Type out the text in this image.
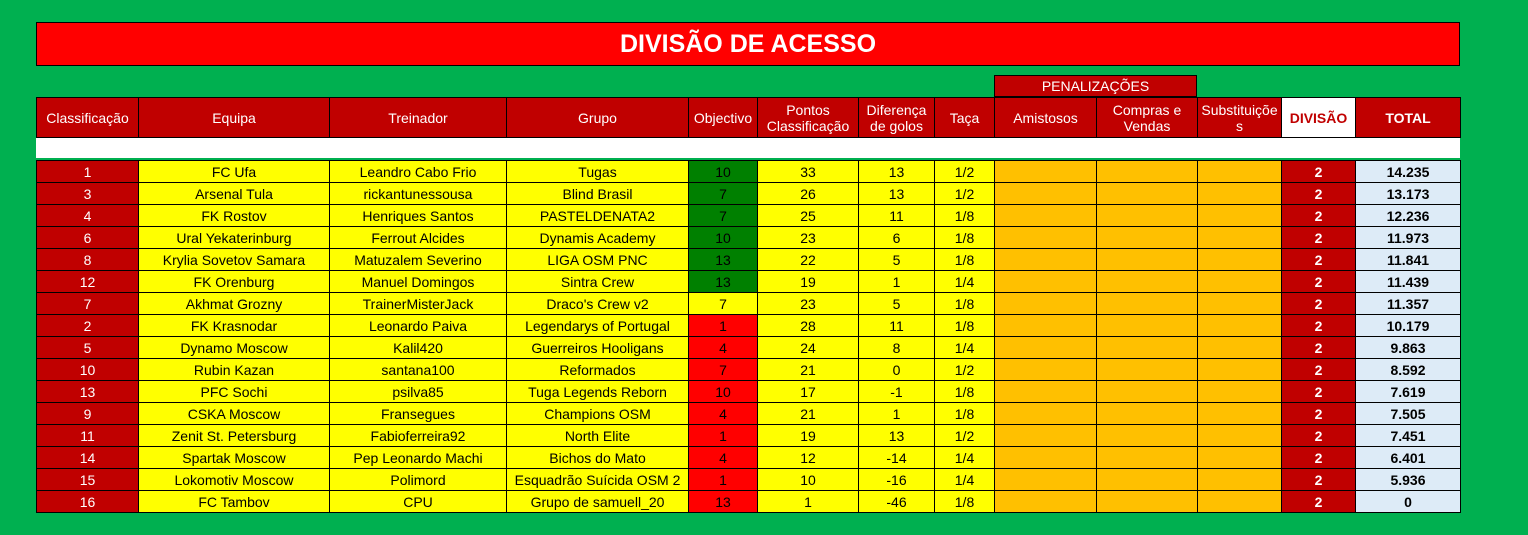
DIVISÃO DE ACESSO
PENALIZAÇÕES
Classificação	Equipa	Treinador	Grupo	Objectivo	Pontos Classificação	Diferença de golos	Taça	Amistosos	Compras e Vendas	Substituições	DIVISÃO	TOTAL
1	FC Ufa	Leandro Cabo Frio	Tugas	10	33	13	1/2				2	14.235
3	Arsenal Tula	rickantunessousa	Blind Brasil	7	26	13	1/2				2	13.173
4	FK Rostov	Henriques Santos	PASTELDENATA2	7	25	11	1/8				2	12.236
6	Ural Yekaterinburg	Ferrout Alcides	Dynamis Academy	10	23	6	1/8				2	11.973
8	Krylia Sovetov Samara	Matuzalem Severino	LIGA OSM PNC	13	22	5	1/8				2	11.841
12	FK Orenburg	Manuel Domingos	Sintra Crew	13	19	1	1/4				2	11.439
7	Akhmat Grozny	TrainerMisterJack	Draco's Crew v2	7	23	5	1/8				2	11.357
2	FK Krasnodar	Leonardo Paiva	Legendarys of Portugal	1	28	11	1/8				2	10.179
5	Dynamo Moscow	Kalil420	Guerreiros Hooligans	4	24	8	1/4				2	9.863
10	Rubin Kazan	santana100	Reformados	7	21	0	1/2				2	8.592
13	PFC Sochi	psilva85	Tuga Legends Reborn	10	17	-1	1/8				2	7.619
9	CSKA Moscow	Fransegues	Champions OSM	4	21	1	1/8				2	7.505
11	Zenit St. Petersburg	Fabioferreira92	North Elite	1	19	13	1/2				2	7.451
14	Spartak Moscow	Pep Leonardo Machi	Bichos do Mato	4	12	-14	1/4				2	6.401
15	Lokomotiv Moscow	Polimord	Esquadrão Suícida OSM 2	1	10	-16	1/4				2	5.936
16	FC Tambov	CPU	Grupo de samuell_20	13	1	-46	1/8				2	0
